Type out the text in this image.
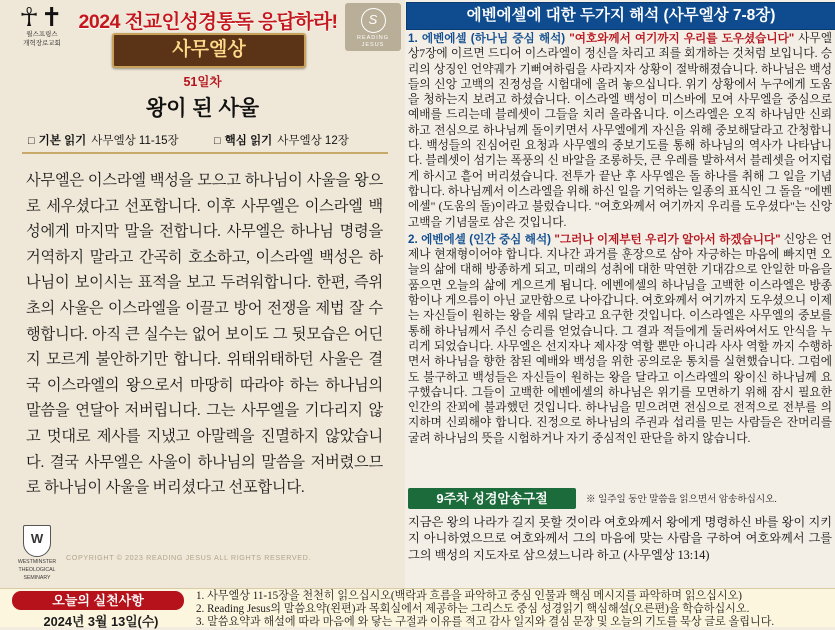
☥✝
윌스프링스
개혁장로교회
2024 전교인성경통독 응답하라!	S
READING
JESUS
사무엘상
51일차
왕이 된 사울
□ 기본 읽기 사무엘상 11-15장	□ 핵심 읽기 사무엘상 12장
사무엘은 이스라엘 백성을 모으고 하나님이 사울을 왕으로 세우셨다고 선포합니다. 이후 사무엘은 이스라엘 백성에게 마지막 말을 전합니다. 사무엘은 하나님 명령을 거역하지 말라고 간곡히 호소하고, 이스라엘 백성은 하나님이 보이시는 표적을 보고 두려워합니다. 한편, 즉위 초의 사울은 이스라엘을 이끌고 방어 전쟁을 제법 잘 수행합니다. 아직 큰 실수는 없어 보이도 그 뒷모습은 어딘지 모르게 불안하기만 합니다. 위태위태하던 사울은 결국 이스라엘의 왕으로서 마땅히 따라야 하는 하나님의 말씀을 연달아 저버립니다. 그는 사무엘을 기다리지 않고 멋대로 제사를 지냈고 아말렉을 진멸하지 않았습니다. 결국 사무엘은 사울이 하나님의 말씀을 저버렸으므로 하나님이 사울을 버리셨다고 선포합니다.
W
WESTMINSTER
THEOLOGICAL
SEMINARY
COPYRIGHT © 2023 READING JESUS ALL RIGHTS RESERVED.
에벤에셀에 대한 두가지 해석 (사무엘상 7-8장)

1. 에벤에셀 (하나님 중심 해석) "여호와께서 여기까지 우리를 도우셨습니다" 사무엘상7장에 이르면 드디어 이스라엘이 정신을 차리고 죄를 회개하는 것처럼 보입니다. 승리의 상징인 언약궤가 기뻐여하림을 사라지자 상황이 절박해졌습니다. 하나님은 백성들의 신앙 고백의 진정성을 시험대에 올려 놓으십니다. 위기 상황에서 누구에게 도움을 청하는지 보려고 하셨습니다. 이스라엘 백성이 미스바에 모여 사무엘을 중심으로 예배를 드리는데 블레셋이 그들을 치러 올라옵니다. 이스라엘은 오직 하나님만 신뢰하고 전심으로 하나님께 돌이키면서 사무엘에게 자신을 위해 중보해달라고 간청합니다. 백성들의 진심어린 요청과 사무엘의 중보기도를 통해 하나님의 역사가 나타납니다. 블레셋이 섬기는 폭풍의 신 바알을 조롱하듯, 큰 우레를 발하셔서 블레셋을 어지럽게 하시고 흩어 버리셨습니다. 전투가 끝난 후 사무엘은 돌 하나를 취해 그 일을 기념합니다. 하나님께서 이스라엘을 위해 하신 일을 기억하는 일종의 표식인 그 돌을 "에벤에셀" (도움의 돌)이라고 불렀습니다. "여호와께서 여기까지 우리를 도우셨다"는 신앙 고백을 기념물로 삼은 것입니다.

2. 에벤에셀 (인간 중심 해석) "그러나 이제부턴 우리가 알아서 하겠습니다" 신앙은 언제나 현재형이어야 합니다. 지나간 과거를 훈장으로 삼아 자긍하는 마음에 빠지면 오늘의 삶에 대해 방종하게 되고, 미래의 성취에 대한 막연한 기대감으로 안일한 마음을 품으면 오늘의 삶에 게으르게 됩니다. 에벤에셀의 하나님을 고백한 이스라엘은 방종함이나 게으름이 아닌 교만함으로 나아갑니다. 여호와께서 여기까지 도우셨으니 이제는 자신들이 원하는 왕을 세워 달라고 요구한 것입니다. 이스라엘은 사무엘의 중보를 통해 하나님께서 주신 승리를 얻었습니다. 그 결과 적들에게 둘러싸여서도 안식을 누리게 되었습니다. 사무엘은 선지자나 제사장 역할 뿐만 아니라 사사 역할 까지 수행하면서 하나님을 향한 참된 예배와 백성을 위한 공의로운 통치를 실현했습니다. 그럼에도 불구하고 백성들은 자신들이 원하는 왕을 달라고 이스라엘의 왕이신 하나님께 요구했습니다. 그들이 고백한 에벤에셀의 하나님은 위기를 모면하기 위해 잠시 필요한 인간의 잔꾀에 불과했던 것입니다. 하나님을 믿으려면 전심으로 전적으로 전부를 의지하며 신뢰해야 합니다. 진정으로 하나님의 주권과 섭리를 믿는 사람들은 잔머리를 굴려 하나님의 뜻을 시험하거나 자기 중심적인 판단을 하지 않습니다.

9주차 성경암송구절	※ 일주일 동안 말씀을 읽으면서 암송하십시오.
지금은 왕의 나라가 길지 못할 것이라 여호와께서 왕에게 명령하신 바를 왕이 지키지 아니하였으므로 여호와께서 그의 마음에 맞는 사람을 구하여 여호와께서 그를 그의 백성의 지도자로 삼으셨느니라 하고 (사무엘상 13:14)
오늘의 실천사항
2024년 3월 13일(수)
1. 사무엘상 11-15장을 천천히 읽으십시오(백락과 흐름을 파악하고 중심 인물과 핵심 메시지를 파악하며 읽으십시오)
2. Reading Jesus의 말씀요약(왼편)과 목회실에서 제공하는 그리스도 중심 성경읽기 핵심해설(오른편)을 학습하십시오.
3. 말씀요약과 해설에 따라 마음에 와 닿는 구절과 이유를 적고 감사 일지와 결심 문장 및 오늘의 기도를 묵상 글로 올립니다.
